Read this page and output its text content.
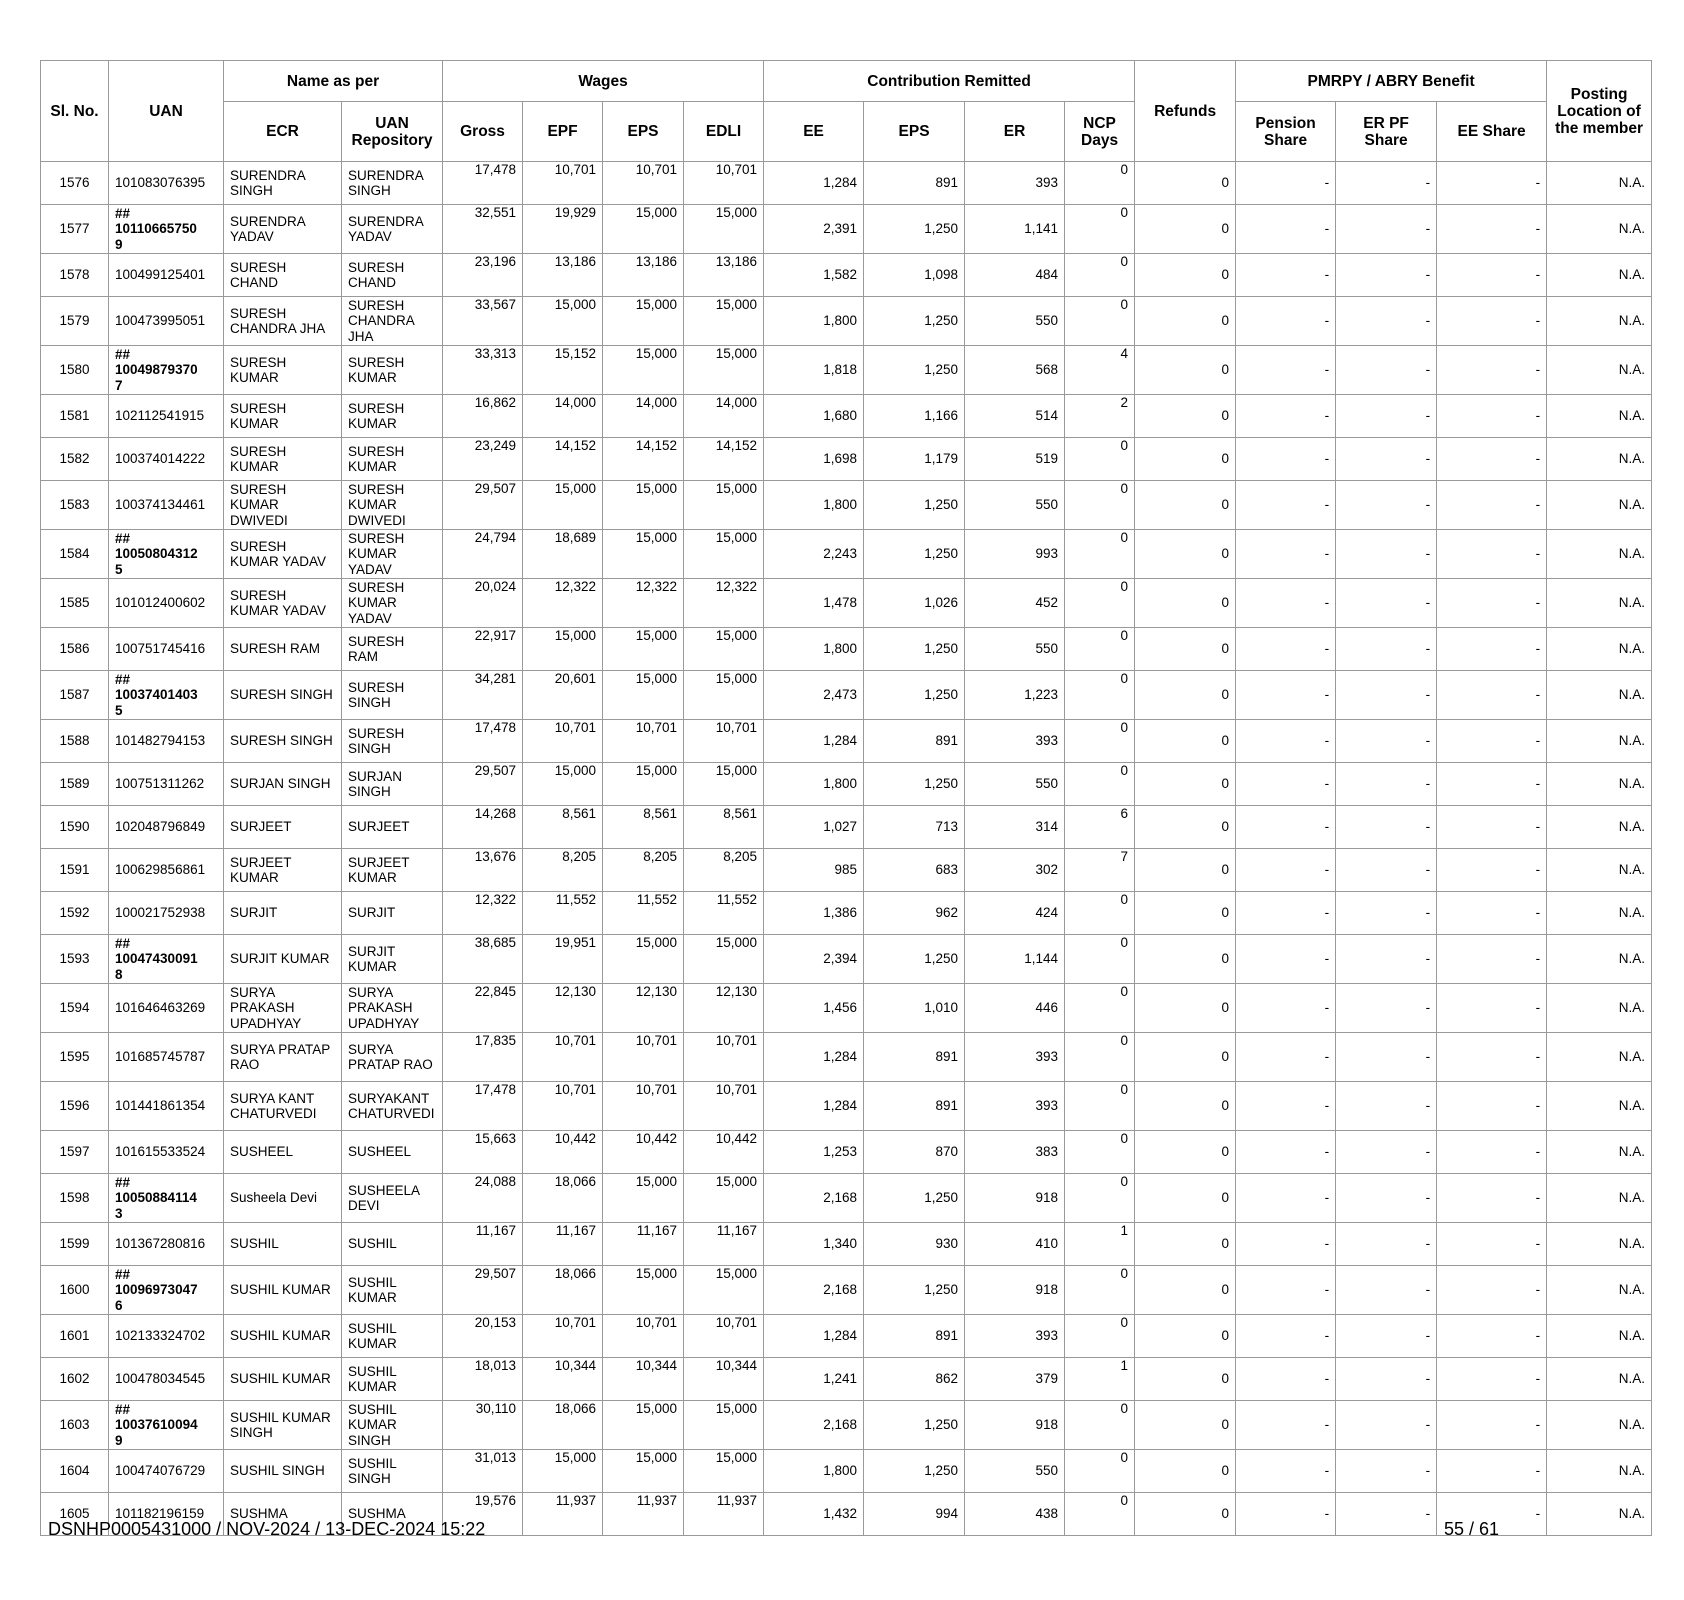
Sl. No.	UAN	Name as per		Wages				Contribution Remitted				Refunds	PMRPY / ABRY Benefit			Posting Location of the member
		ECR	UAN Repository	Gross	EPF	EPS	EDLI	EE	EPS	ER	NCP Days		Pension Share	ER PF Share	EE Share	
1576	101083076395	SURENDRA SINGH	SURENDRA SINGH	17,478	10,701	10,701	10,701	1,284	891	393	0	0	-	-	-	N.A.
1577	##
10110665750
9	SURENDRA YADAV	SURENDRA YADAV	32,551	19,929	15,000	15,000	2,391	1,250	1,141	0	0	-	-	-	N.A.
1578	100499125401	SURESH CHAND	SURESH CHAND	23,196	13,186	13,186	13,186	1,582	1,098	484	0	0	-	-	-	N.A.
1579	100473995051	SURESH CHANDRA JHA	SURESH CHANDRA JHA	33,567	15,000	15,000	15,000	1,800	1,250	550	0	0	-	-	-	N.A.
1580	##
10049879370
7	SURESH KUMAR	SURESH KUMAR	33,313	15,152	15,000	15,000	1,818	1,250	568	4	0	-	-	-	N.A.
1581	102112541915	SURESH KUMAR	SURESH KUMAR	16,862	14,000	14,000	14,000	1,680	1,166	514	2	0	-	-	-	N.A.
1582	100374014222	SURESH KUMAR	SURESH KUMAR	23,249	14,152	14,152	14,152	1,698	1,179	519	0	0	-	-	-	N.A.
1583	100374134461	SURESH KUMAR DWIVEDI	SURESH KUMAR DWIVEDI	29,507	15,000	15,000	15,000	1,800	1,250	550	0	0	-	-	-	N.A.
1584	##
10050804312
5	SURESH KUMAR YADAV	SURESH KUMAR YADAV	24,794	18,689	15,000	15,000	2,243	1,250	993	0	0	-	-	-	N.A.
1585	101012400602	SURESH KUMAR YADAV	SURESH KUMAR YADAV	20,024	12,322	12,322	12,322	1,478	1,026	452	0	0	-	-	-	N.A.
1586	100751745416	SURESH RAM	SURESH RAM	22,917	15,000	15,000	15,000	1,800	1,250	550	0	0	-	-	-	N.A.
1587	##
10037401403
5	SURESH SINGH	SURESH SINGH	34,281	20,601	15,000	15,000	2,473	1,250	1,223	0	0	-	-	-	N.A.
1588	101482794153	SURESH SINGH	SURESH SINGH	17,478	10,701	10,701	10,701	1,284	891	393	0	0	-	-	-	N.A.
1589	100751311262	SURJAN SINGH	SURJAN SINGH	29,507	15,000	15,000	15,000	1,800	1,250	550	0	0	-	-	-	N.A.
1590	102048796849	SURJEET	SURJEET	14,268	8,561	8,561	8,561	1,027	713	314	6	0	-	-	-	N.A.
1591	100629856861	SURJEET KUMAR	SURJEET KUMAR	13,676	8,205	8,205	8,205	985	683	302	7	0	-	-	-	N.A.
1592	100021752938	SURJIT	SURJIT	12,322	11,552	11,552	11,552	1,386	962	424	0	0	-	-	-	N.A.
1593	##
10047430091
8	SURJIT KUMAR	SURJIT KUMAR	38,685	19,951	15,000	15,000	2,394	1,250	1,144	0	0	-	-	-	N.A.
1594	101646463269	SURYA PRAKASH UPADHYAY	SURYA PRAKASH UPADHYAY	22,845	12,130	12,130	12,130	1,456	1,010	446	0	0	-	-	-	N.A.
1595	101685745787	SURYA PRATAP RAO	SURYA PRATAP RAO	17,835	10,701	10,701	10,701	1,284	891	393	0	0	-	-	-	N.A.
1596	101441861354	SURYA KANT CHATURVEDI	SURYAKANT CHATURVEDI	17,478	10,701	10,701	10,701	1,284	891	393	0	0	-	-	-	N.A.
1597	101615533524	SUSHEEL	SUSHEEL	15,663	10,442	10,442	10,442	1,253	870	383	0	0	-	-	-	N.A.
1598	##
10050884114
3	Susheela Devi	SUSHEELA DEVI	24,088	18,066	15,000	15,000	2,168	1,250	918	0	0	-	-	-	N.A.
1599	101367280816	SUSHIL	SUSHIL	11,167	11,167	11,167	11,167	1,340	930	410	1	0	-	-	-	N.A.
1600	##
10096973047
6	SUSHIL KUMAR	SUSHIL KUMAR	29,507	18,066	15,000	15,000	2,168	1,250	918	0	0	-	-	-	N.A.
1601	102133324702	SUSHIL KUMAR	SUSHIL KUMAR	20,153	10,701	10,701	10,701	1,284	891	393	0	0	-	-	-	N.A.
1602	100478034545	SUSHIL KUMAR	SUSHIL KUMAR	18,013	10,344	10,344	10,344	1,241	862	379	1	0	-	-	-	N.A.
1603	##
10037610094
9	SUSHIL KUMAR SINGH	SUSHIL KUMAR SINGH	30,110	18,066	15,000	15,000	2,168	1,250	918	0	0	-	-	-	N.A.
1604	100474076729	SUSHIL SINGH	SUSHIL SINGH	31,013	15,000	15,000	15,000	1,800	1,250	550	0	0	-	-	-	N.A.
1605	101182196159	SUSHMA	SUSHMA	19,576	11,937	11,937	11,937	1,432	994	438	0	0	-	-	-	N.A.
DSNHP0005431000 / NOV-2024 / 13-DEC-2024 15:22	55 / 61
